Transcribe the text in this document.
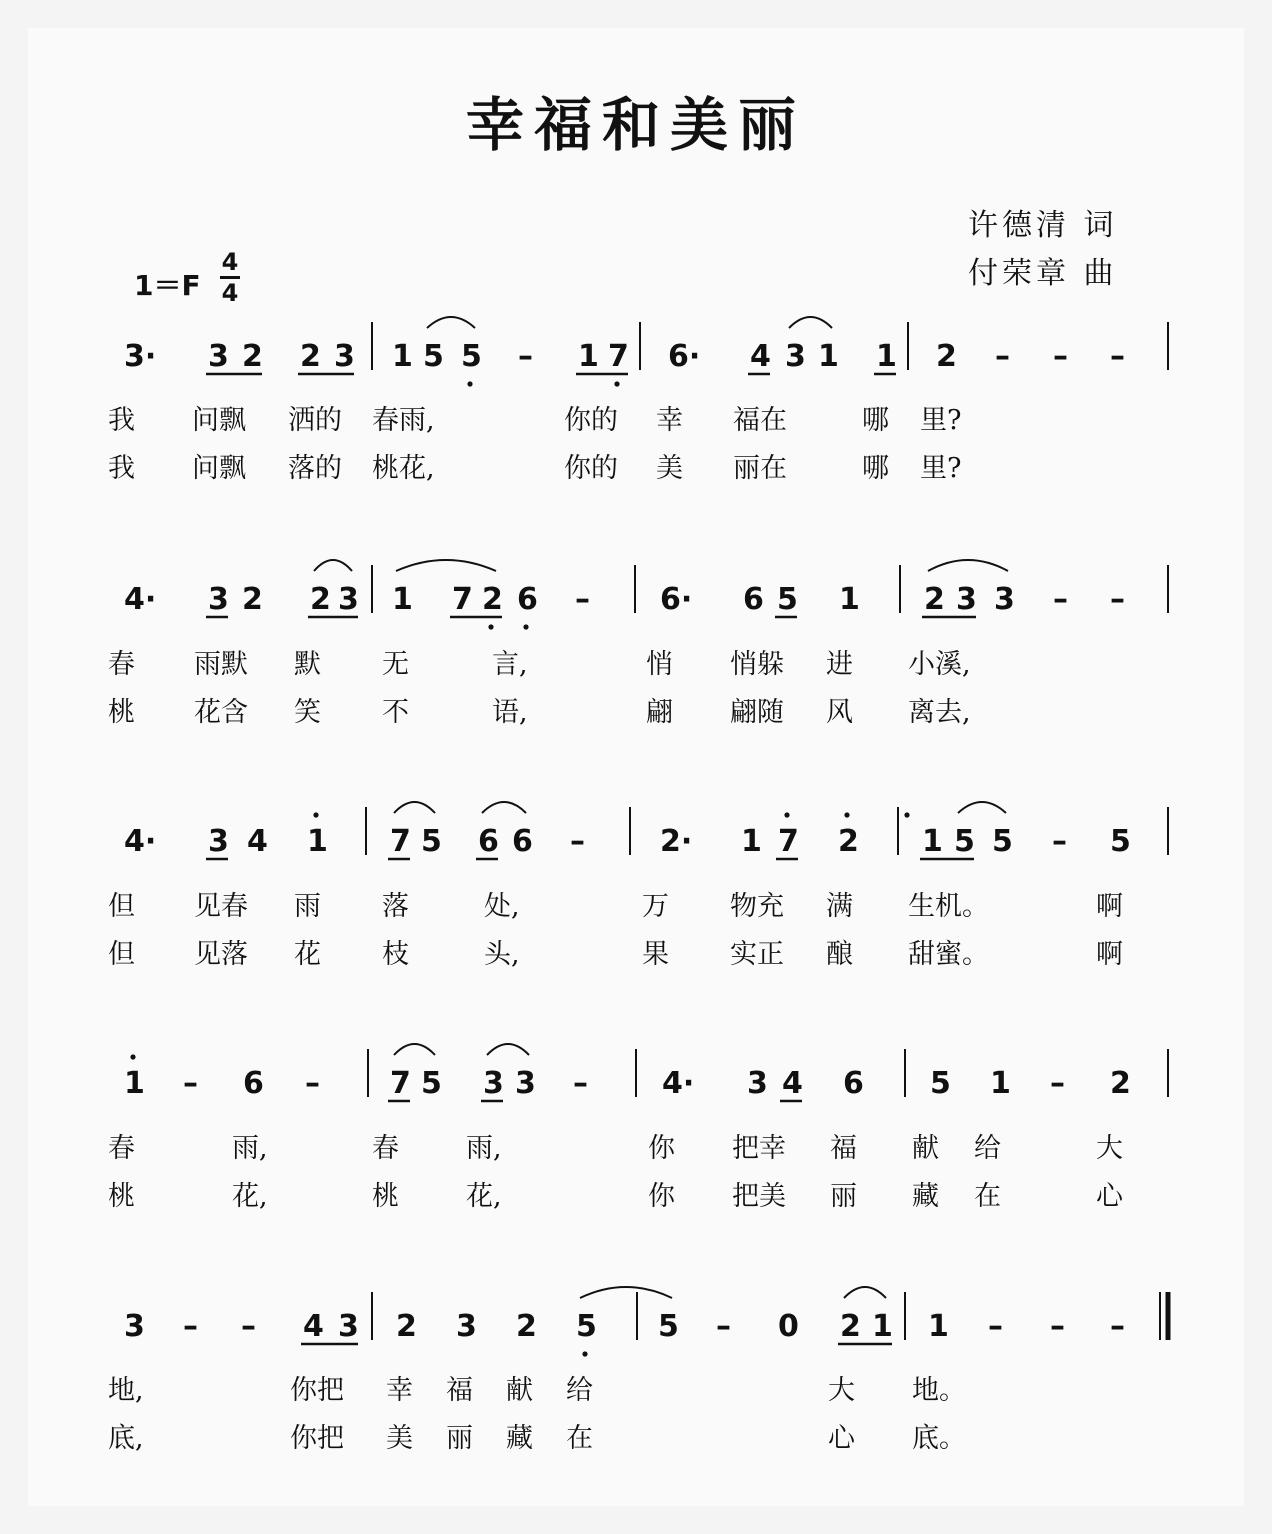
幸福和美丽
许德清 词
付荣章 曲
1＝F
4
4
3· 3 2 2 3 1 5 5 – 1 7 6· 4 3 1 1 2 – – –
4· 3 2 2 3 1 7 2 6 – 6· 6 5 1 2 3 3 – –
4· 3 4 1 7 5 6 6 –	2· 1 7 2 1 5 5 – 5
1 – 6 – 7 5 3 3 – 4· 3 4 6 5 1 – 2
3 – – 4 3 2 3 2 5 5 – 0 2 1 1 – – –
我 问飘 洒的 春雨,	你的 幸 福在	哪 里?
我 问飘 落的 桃花,	你的 美 丽在	哪 里?
春 雨默 默 无	言,	悄 悄躲 进 小溪,
桃 花含 笑 不	语,	翩 翩随 风 离去,
但 见春 雨 落	处,	万 物充 满 生机。	啊
但 见落 花 枝	头,	果 实正 酿 甜蜜。	啊
春	雨,	春 雨,	你 把幸 福 献 给	大
桃	花,	桃 花,	你 把美 丽 藏 在	心
地,	你把 幸 福 献 给	大 地。
底,	你把 美 丽 藏 在	心 底。
